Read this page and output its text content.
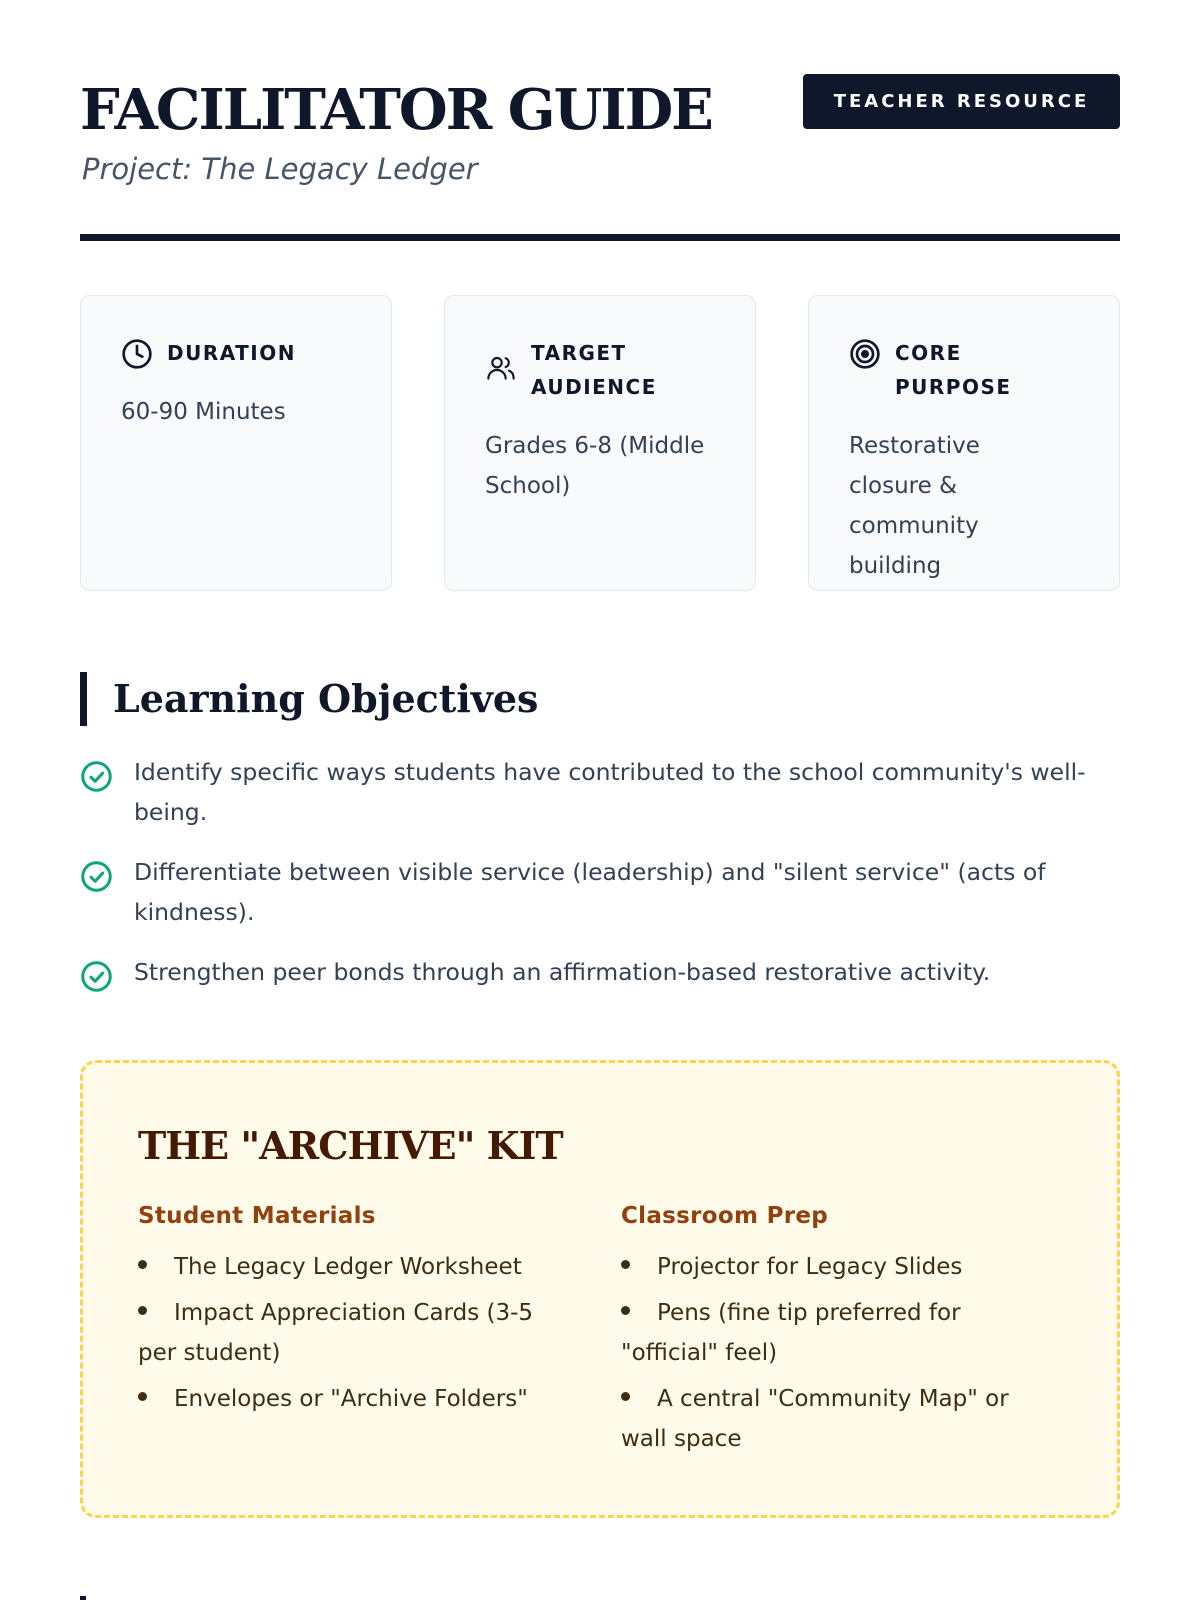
FACILITATOR GUIDE
Project: The Legacy Ledger
TEACHER RESOURCE
DURATION
60-90 Minutes
TARGET AUDIENCE
Grades 6-8 (Middle School)
CORE PURPOSE
Restorative closure & community building
Learning Objectives
Identify specific ways students have contributed to the school community's well-being.
Differentiate between visible service (leadership) and "silent service" (acts of kindness).
Strengthen peer bonds through an affirmation-based restorative activity.
THE "ARCHIVE" KIT
Student Materials
The Legacy Ledger Worksheet
Impact Appreciation Cards (3-5 per student)
Envelopes or "Archive Folders"
Classroom Prep
Projector for Legacy Slides
Pens (fine tip preferred for "official" feel)
A central "Community Map" or wall space
